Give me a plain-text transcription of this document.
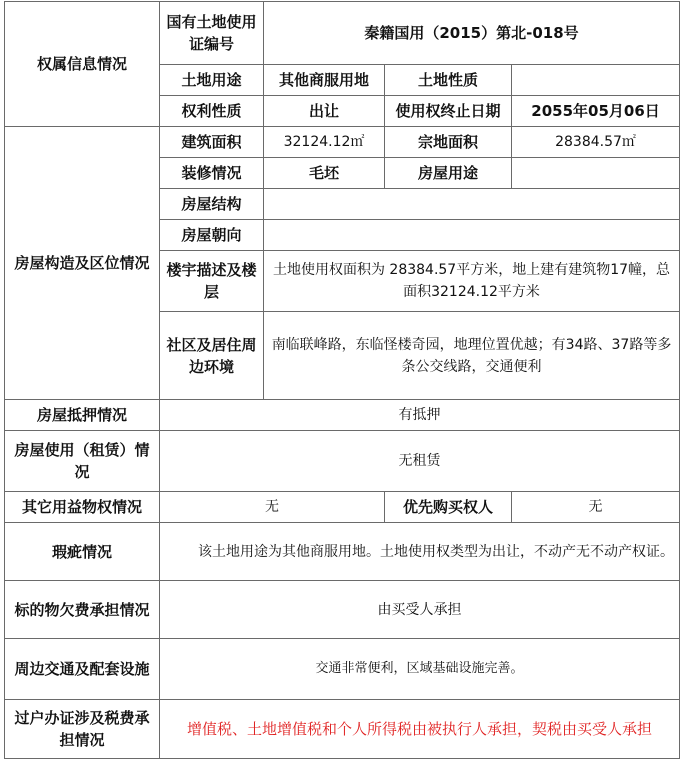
权属信息情况	国有土地使用证编号	秦籍国用（2015）第北-018号		
	土地用途	其他商服用地	土地性质	
	权利性质	出让	使用权终止日期	2055年05月06日
房屋构造及区位情况	建筑面积	32124.12㎡	宗地面积	28384.57㎡
	装修情况	毛坯	房屋用途	
	房屋结构			
	房屋朝向			
	楼宇描述及楼层	土地使用权面积为 28384.57平方米，地上建有建筑物17幢，总面积32124.12平方米		
	社区及居住周边环境	南临联峰路，东临怪楼奇园，地理位置优越；有34路、37路等多条公交线路，交通便利		
房屋抵押情况	有抵押			
房屋使用（租赁）情况	无租赁			
其它用益物权情况	无		优先购买权人	无
瑕疵情况	该土地用途为其他商服用地。土地使用权类型为出让，不动产无不动产权证。			
标的物欠费承担情况	由买受人承担			
周边交通及配套设施	交通非常便利，区域基础设施完善。			
过户办证涉及税费承担情况	增值税、土地增值税和个人所得税由被执行人承担，契税由买受人承担			
